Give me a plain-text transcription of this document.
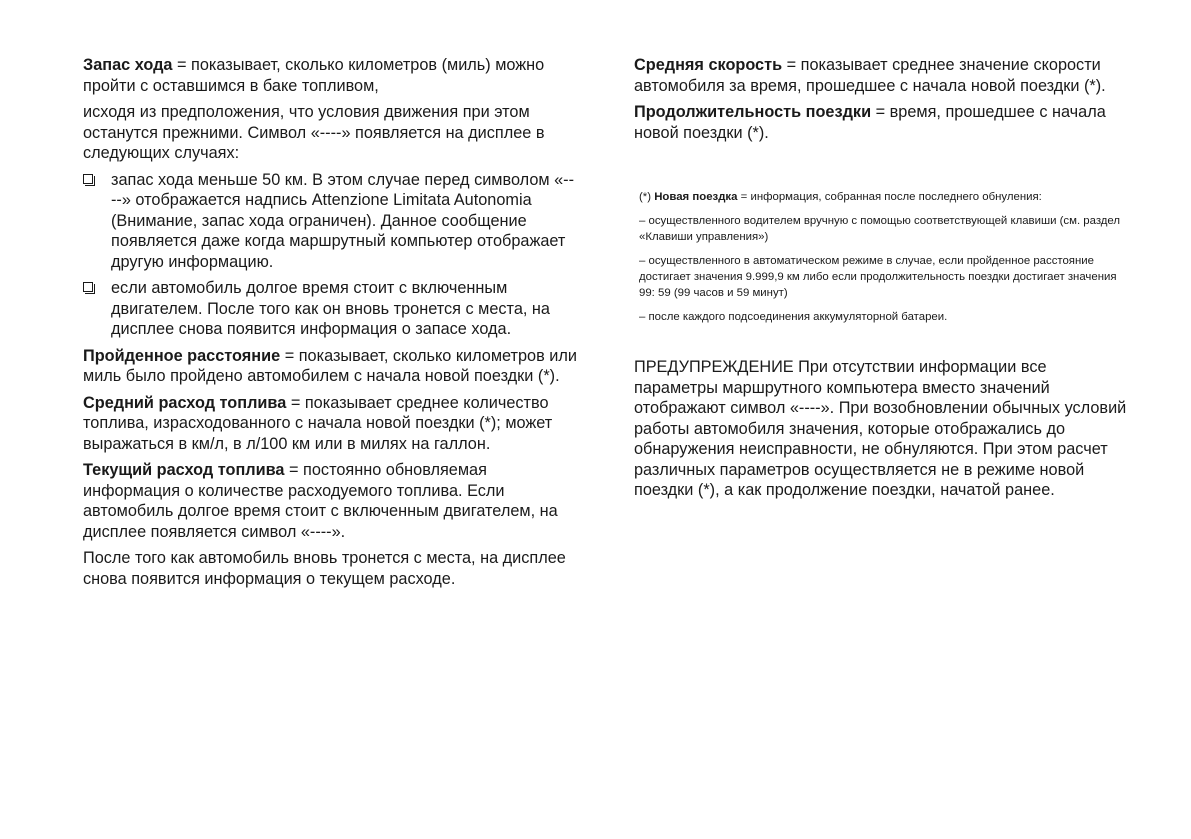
Запас хода = показывает, сколько километров (миль) можно пройти с оставшимся в баке топливом,

исходя из предположения, что условия движения при этом останутся прежними. Символ «----» появляется на дисплее в следующих случаях:

запас хода меньше 50 км. В этом случае перед символом «----» отображается надпись Attenzione Limitata Autonomia (Внимание, запас хода ограничен). Данное сообщение появляется даже когда маршрутный компьютер отображает другую информацию.
если автомобиль долгое время стоит с включенным двигателем. После того как он вновь тронется с места, на дисплее снова появится информация о запасе хода.

Пройденное расстояние = показывает, сколько километров или миль было пройдено автомобилем с начала новой поездки (*).

Средний расход топлива = показывает среднее количество топлива, израсходованного с начала новой поездки (*); может выражаться в км/л, в л/100 км или в милях на галлон.

Текущий расход топлива = постоянно обновляемая информация о количестве расходуемого топлива. Если автомобиль долгое время стоит с включенным двигателем, на дисплее появляется символ «----».

После того как автомобиль вновь тронется с места, на дисплее снова появится информация о текущем расходе.

Средняя скорость = показывает среднее значение скорости автомобиля за время, прошедшее с начала новой поездки (*).

Продолжительность поездки = время, прошедшее с начала новой поездки (*).

(*) Новая поездка = информация, собранная после последнего обнуления:

– осуществленного водителем вручную с помощью соответствующей клавиши (см. раздел «Клавиши управления»)

– осуществленного в автоматическом режиме в случае, если пройденное расстояние достигает значения 9.999,9 км либо если продолжительность поездки достигает значения 99: 59 (99 часов и 59 минут)

– после каждого подсоединения аккумуляторной батареи.

ПРЕДУПРЕЖДЕНИЕ При отсутствии информации все параметры маршрутного компьютера вместо значений отображают символ «----». При возобновлении обычных условий работы автомобиля значения, которые отображались до обнаружения неисправности, не обнуляются. При этом расчет различных параметров осуществляется не в режиме новой поездки (*), а как продолжение поездки, начатой ранее.
